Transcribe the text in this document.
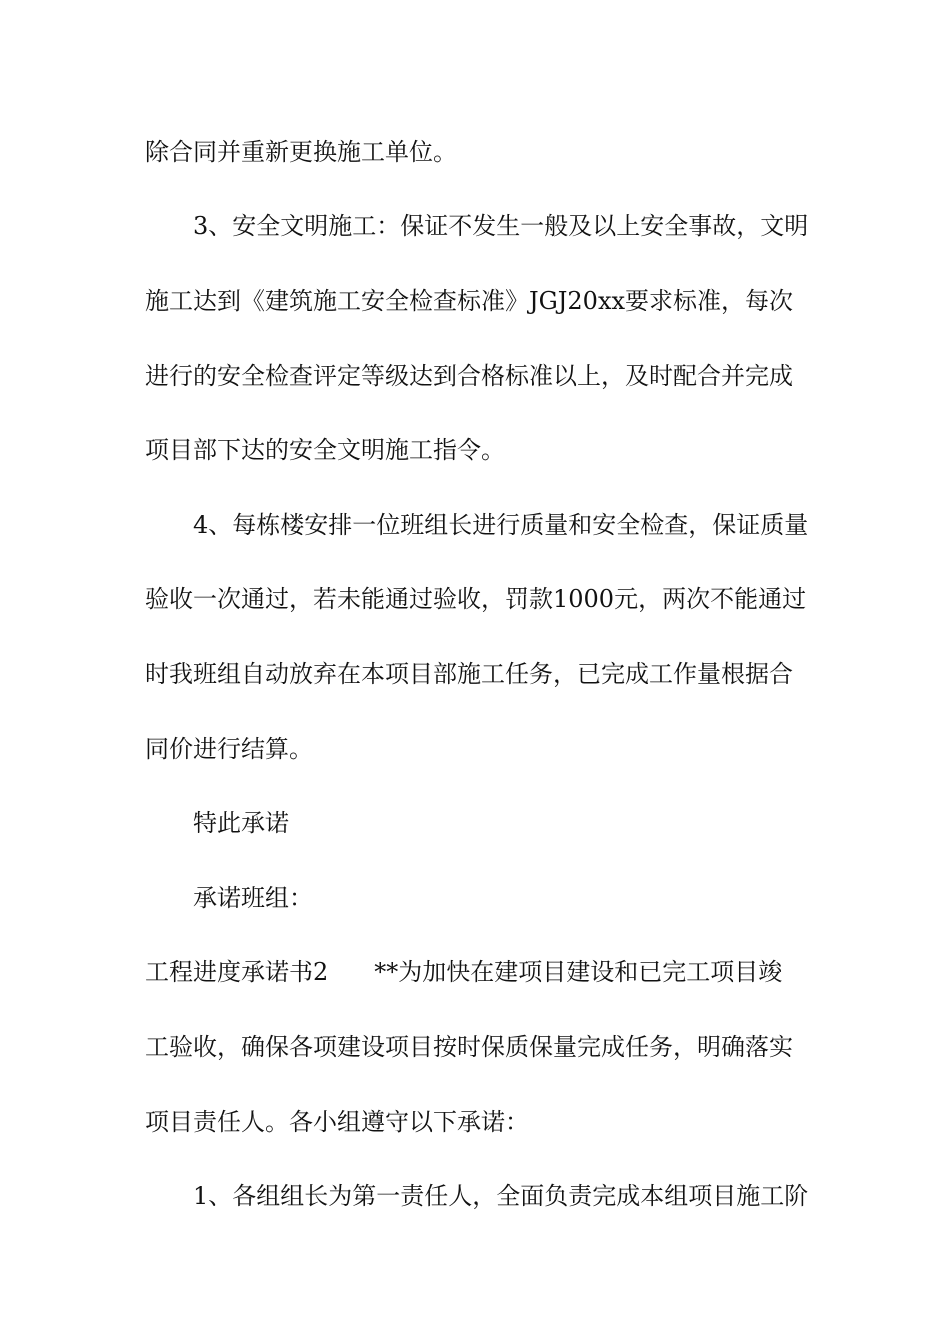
除合同并重新更换施工单位。
3、安全文明施工：保证不发生一般及以上安全事故，文明
施工达到《建筑施工安全检查标准》JGJ20xx要求标准，每次
进行的安全检查评定等级达到合格标准以上，及时配合并完成
项目部下达的安全文明施工指令。
4、每栋楼安排一位班组长进行质量和安全检查，保证质量
验收一次通过，若未能通过验收，罚款1000元，两次不能通过
时我班组自动放弃在本项目部施工任务，已完成工作量根据合
同价进行结算。
特此承诺
承诺班组：
工程进度承诺书2 **为加快在建项目建设和已完工项目竣
工验收，确保各项建设项目按时保质保量完成任务，明确落实
项目责任人。各小组遵守以下承诺：
1、各组组长为第一责任人，全面负责完成本组项目施工阶
